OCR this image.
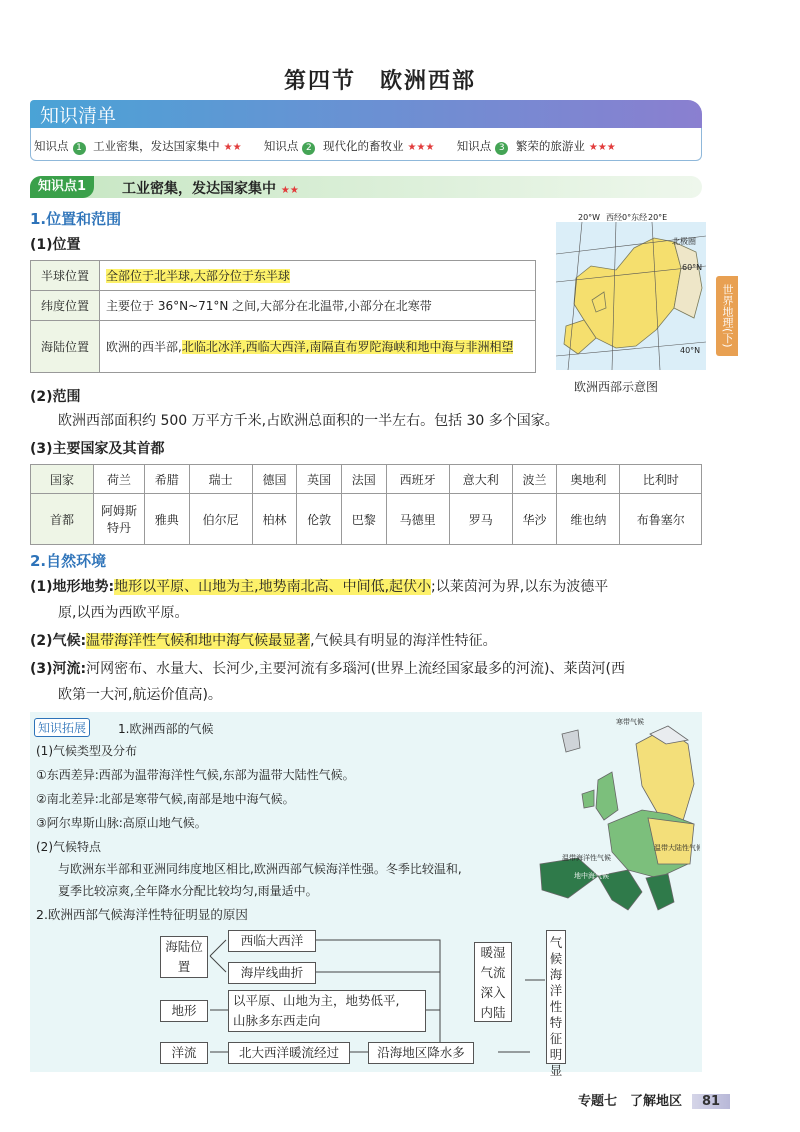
第四节　欧洲西部
知识清单
知识点 1 工业密集，发达国家集中 ★★ 知识点 2 现代化的畜牧业 ★★★ 知识点 3 繁荣的旅游业 ★★★
知识点1	工业密集，发达国家集中 ★★
1.位置和范围
(1)位置
半球位置	全部位于北半球,大部分位于东半球
纬度位置	主要位于 36°N~71°N 之间,大部分在北温带,小部分在北寒带
海陆位置	欧洲的西半部,北临北冰洋,西临大西洋,南隔直布罗陀海峡和地中海与非洲相望
20°W 西经0°东经 20°E
北极圈
60°N
40°N
欧洲西部示意图
(2)范围
欧洲西部面积约 500 万平方千米,占欧洲总面积的一半左右。包括 30 多个国家。
(3)主要国家及其首都
国家	荷兰	希腊	瑞士	德国	英国	法国	西班牙	意大利	波兰	奥地利	比利时
首都	阿姆斯特丹	雅典	伯尔尼	柏林	伦敦	巴黎	马德里	罗马	华沙	维也纳	布鲁塞尔
2.自然环境
(1)地形地势:地形以平原、山地为主,地势南北高、中间低,起伏小;以莱茵河为界,以东为波德平
原,以西为西欧平原。
(2)气候:温带海洋性气候和地中海气候最显著,气候具有明显的海洋性特征。
(3)河流:河网密布、水量大、长河少,主要河流有多瑙河(世界上流经国家最多的河流)、莱茵河(西
欧第一大河,航运价值高)。
知识拓展	1.欧洲西部的气候
(1)气候类型及分布
①东西差异:西部为温带海洋性气候,东部为温带大陆性气候。
②南北差异:北部是寒带气候,南部是地中海气候。
③阿尔卑斯山脉:高原山地气候。
(2)气候特点
与欧洲东半部和亚洲同纬度地区相比,欧洲西部气候海洋性强。冬季比较温和,
夏季比较凉爽,全年降水分配比较均匀,雨量适中。
寒带气候
温带大陆性气候
温带海洋性气候
地中海气候
2.欧洲西部气候海洋性特征明显的原因
海陆位置
西临大西洋
海岸线曲折
地形
以平原、山地为主，地势低平,
山脉多东西走向
洋流	北大西洋暖流经过	沿海地区降水多
暖湿气流深入内陆
气候海洋性特征明显
世界地理(下)
专题七　了解地区 81
